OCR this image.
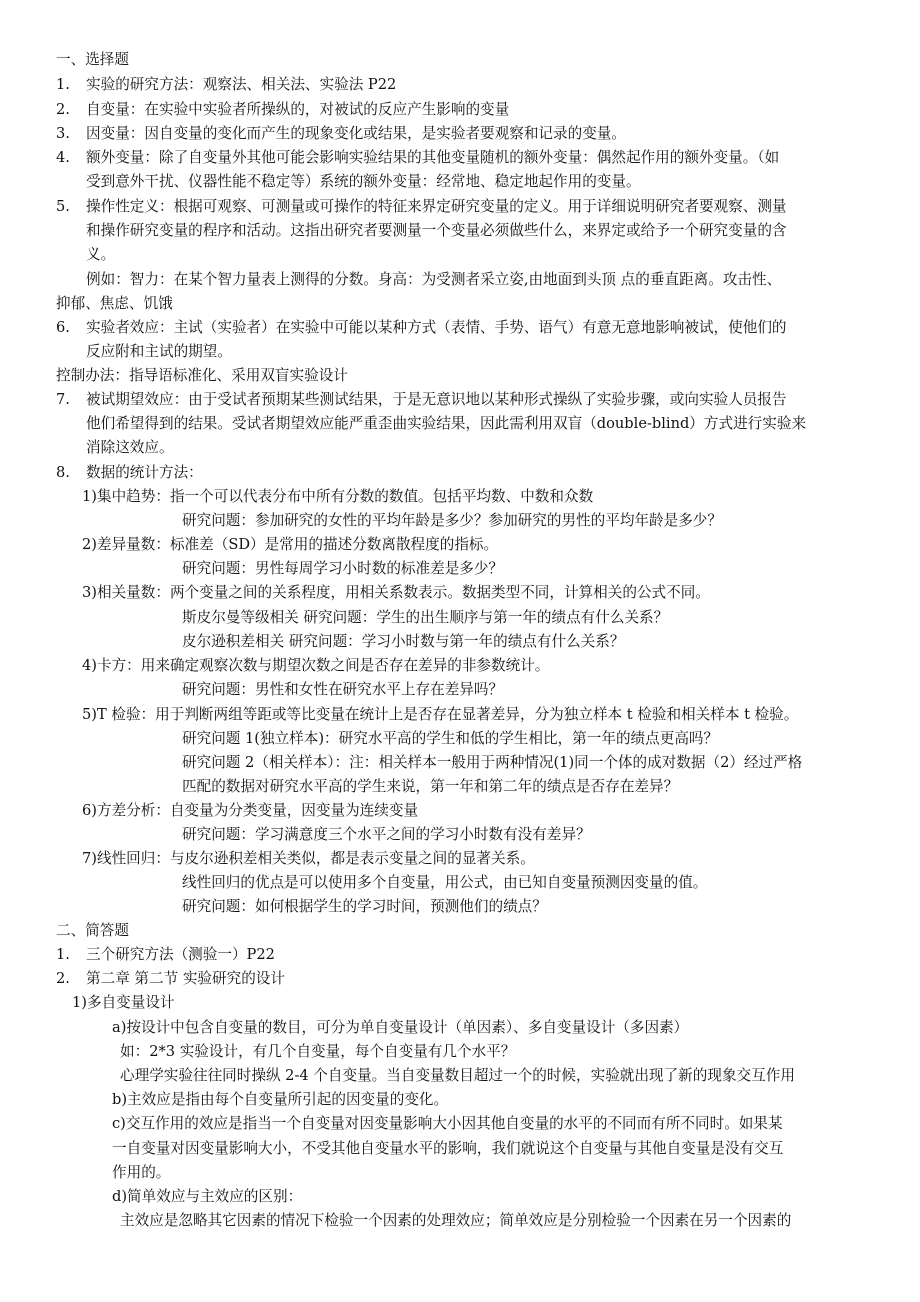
一、选择题
1. 实验的研究方法：观察法、相关法、实验法 P22
2. 自变量：在实验中实验者所操纵的，对被试的反应产生影响的变量
3. 因变量：因自变量的变化而产生的现象变化或结果，是实验者要观察和记录的变量。
4. 额外变量：除了自变量外其他可能会影响实验结果的其他变量随机的额外变量：偶然起作用的额外变量。（如
受到意外干扰、仪器性能不稳定等）系统的额外变量：经常地、稳定地起作用的变量。
5. 操作性定义：根据可观察、可测量或可操作的特征来界定研究变量的定义。用于详细说明研究者要观察、测量
和操作研究变量的程序和活动。这指出研究者要测量一个变量必须做些什么，来界定或给予一个研究变量的含
义。
例如：智力：在某个智力量表上测得的分数。身高：为受测者采立姿,由地面到头顶 点的垂直距离。攻击性、
抑郁、焦虑、饥饿
6. 实验者效应：主试（实验者）在实验中可能以某种方式（表情、手势、语气）有意无意地影响被试，使他们的
反应附和主试的期望。
控制办法：指导语标准化、采用双盲实验设计
7. 被试期望效应：由于受试者预期某些测试结果，于是无意识地以某种形式操纵了实验步骤，或向实验人员报告
他们希望得到的结果。受试者期望效应能严重歪曲实验结果，因此需利用双盲（double-blind）方式进行实验来
消除这效应。
8. 数据的统计方法：
1)集中趋势：指一个可以代表分布中所有分数的数值。包括平均数、中数和众数
研究问题：参加研究的女性的平均年龄是多少？参加研究的男性的平均年龄是多少？
2)差异量数：标准差（SD）是常用的描述分数离散程度的指标。
研究问题：男性每周学习小时数的标准差是多少？
3)相关量数：两个变量之间的关系程度，用相关系数表示。数据类型不同，计算相关的公式不同。
斯皮尔曼等级相关 研究问题：学生的出生顺序与第一年的绩点有什么关系？
皮尔逊积差相关 研究问题：学习小时数与第一年的绩点有什么关系？
4)卡方：用来确定观察次数与期望次数之间是否存在差异的非参数统计。
研究问题：男性和女性在研究水平上存在差异吗？
5)T 检验：用于判断两组等距或等比变量在统计上是否存在显著差异，分为独立样本 t 检验和相关样本 t 检验。
研究问题 1(独立样本)：研究水平高的学生和低的学生相比，第一年的绩点更高吗？
研究问题 2（相关样本）：注：相关样本一般用于两种情况(1)同一个体的成对数据（2）经过严格
匹配的数据对研究水平高的学生来说，第一年和第二年的绩点是否存在差异？
6)方差分析：自变量为分类变量，因变量为连续变量
研究问题：学习满意度三个水平之间的学习小时数有没有差异？
7)线性回归：与皮尔逊积差相关类似，都是表示变量之间的显著关系。
线性回归的优点是可以使用多个自变量，用公式，由已知自变量预测因变量的值。
研究问题：如何根据学生的学习时间，预测他们的绩点？
二、简答题
1. 三个研究方法（测验一）P22
2. 第二章 第二节 实验研究的设计
1)多自变量设计
a)按设计中包含自变量的数目，可分为单自变量设计（单因素）、多自变量设计（多因素）
如：2*3 实验设计，有几个自变量，每个自变量有几个水平？
心理学实验往往同时操纵 2-4 个自变量。当自变量数目超过一个的时候，实验就出现了新的现象交互作用
b)主效应是指由每个自变量所引起的因变量的变化。
c)交互作用的效应是指当一个自变量对因变量影响大小因其他自变量的水平的不同而有所不同时。如果某
一自变量对因变量影响大小，不受其他自变量水平的影响，我们就说这个自变量与其他自变量是没有交互
作用的。
d)简单效应与主效应的区别：
主效应是忽略其它因素的情况下检验一个因素的处理效应；简单效应是分别检验一个因素在另一个因素的
